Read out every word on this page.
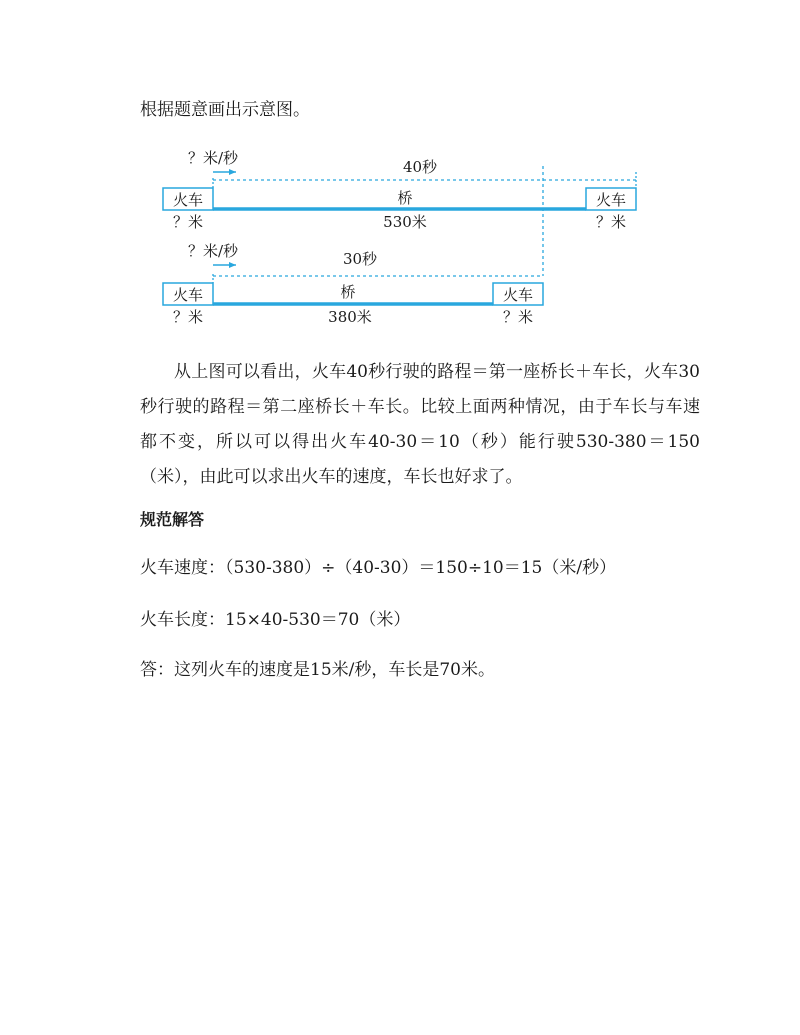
根据题意画出示意图。

？米/秒	40秒
火车	桥	火车
？米	530米	？米
？米/秒	30秒
火车	桥	火车
？米	380米	？米

从上图可以看出，火车40秒行驶的路程＝第一座桥长＋车长，火车30秒行驶的路程＝第二座桥长＋车长。比较上面两种情况，由于车长与车速都不变，所以可以得出火车40-30＝10（秒）能行驶530-380＝150（米），由此可以求出火车的速度，车长也好求了。

规范解答

火车速度：（530-380）÷（40-30）＝150÷10＝15（米/秒）

火车长度：15×40-530＝70（米）

答：这列火车的速度是15米/秒，车长是70米。
